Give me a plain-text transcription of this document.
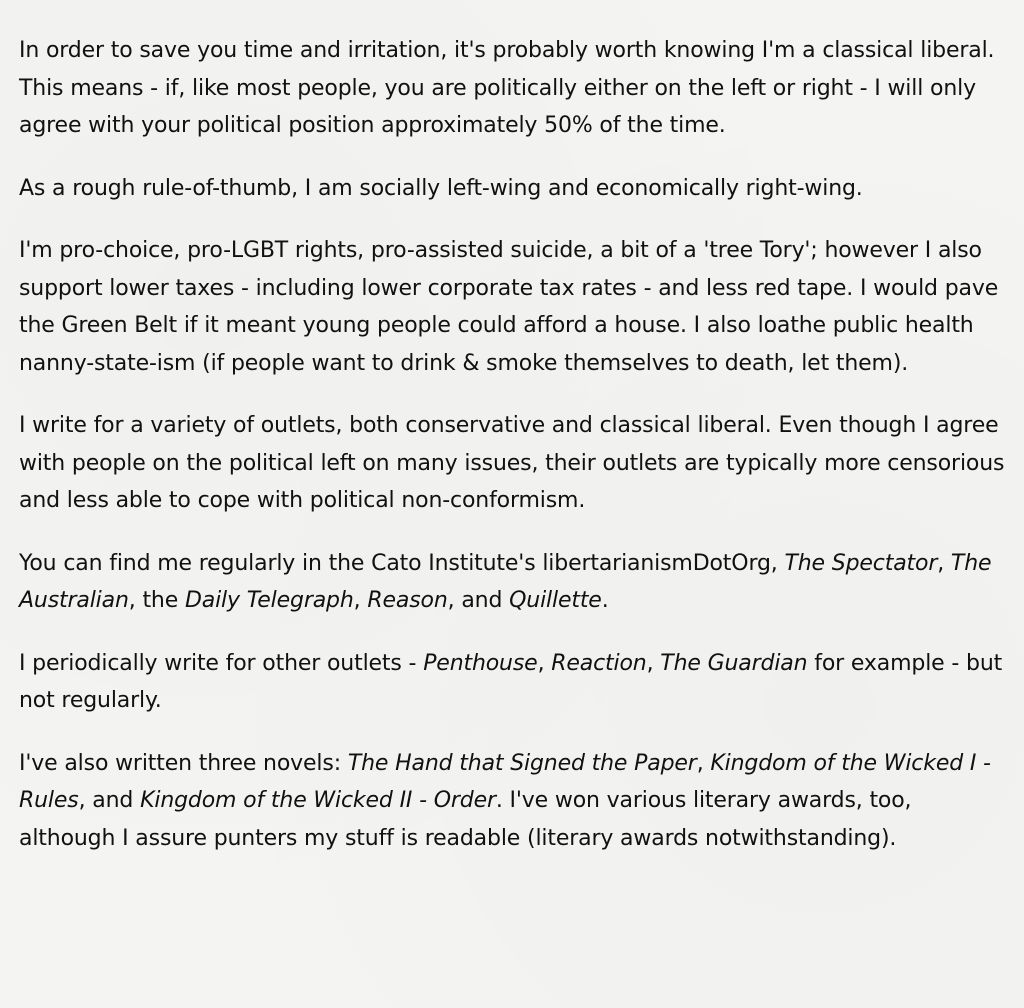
In order to save you time and irritation, it's probably worth knowing I'm a classical liberal. This means - if, like most people, you are politically either on the left or right - I will only agree with your political position approximately 50% of the time.

As a rough rule-of-thumb, I am socially left-wing and economically right-wing.

I'm pro-choice, pro-LGBT rights, pro-assisted suicide, a bit of a 'tree Tory'; however I also support lower taxes - including lower corporate tax rates - and less red tape. I would pave the Green Belt if it meant young people could afford a house. I also loathe public health nanny-state-ism (if people want to drink & smoke themselves to death, let them).

I write for a variety of outlets, both conservative and classical liberal. Even though I agree with people on the political left on many issues, their outlets are typically more censorious and less able to cope with political non-conformism.

You can find me regularly in the Cato Institute's libertarianismDotOrg, The Spectator, The Australian, the Daily Telegraph, Reason, and Quillette.

I periodically write for other outlets - Penthouse, Reaction, The Guardian for example - but not regularly.

I've also written three novels: The Hand that Signed the Paper, Kingdom of the Wicked I - Rules, and Kingdom of the Wicked II - Order. I've won various literary awards, too, although I assure punters my stuff is readable (literary awards notwithstanding).
